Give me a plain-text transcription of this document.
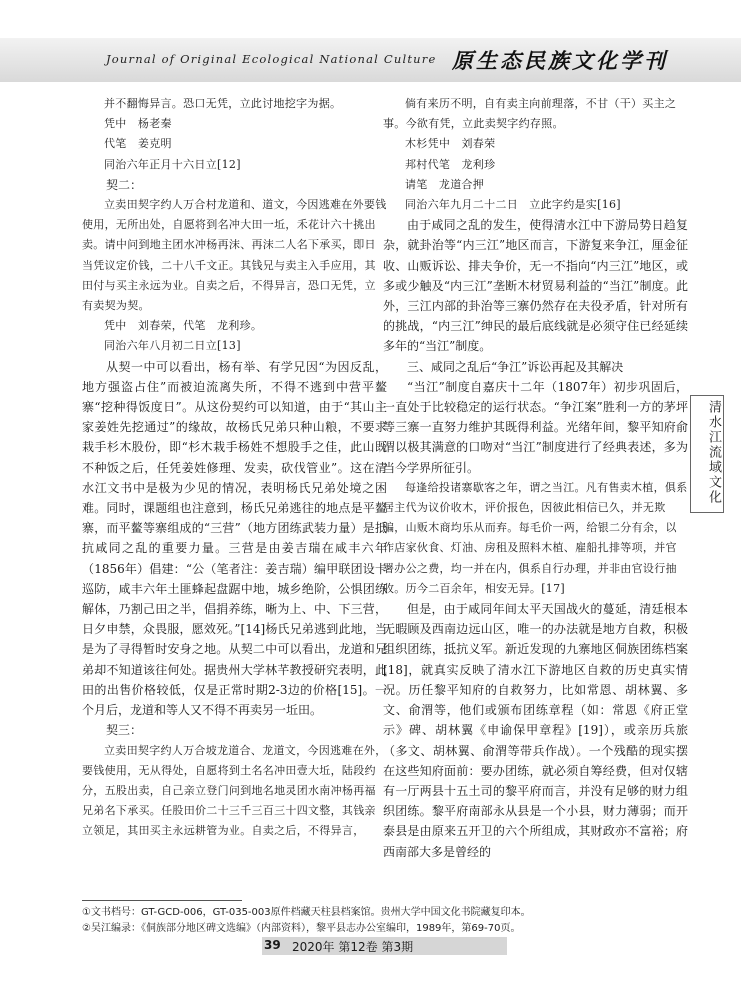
Journal of Original Ecological National Culture 原生态民族文化学刊

并不翻悔异言。恐口无凭，立此讨地挖字为据。

凭中　杨老秦

代笔　姜克明

同治六年正月十六日立[12]

契二：

立卖田契字约人万合村龙道和、道文，今因逃难在外要钱使用，无所出处，自愿将到名冲大田一坵，禾花计六十挑出卖。请中问到地主团水冲杨再沫、再沫二人名下承买，即日当凭议定价钱，二十八千文正。其钱兄与卖主入手应用，其田付与买主永远为业。自卖之后，不得异言，恐口无凭，立有卖契为契。

凭中　刘春荣，代笔　龙利珍。

同治六年八月初二日立[13]

从契一中可以看出，杨有举、有学兄因“为因反乱，地方强盗占住”而被迫流离失所，不得不逃到中营平鳌寨“挖种得饭度日”。从这份契约可以知道，由于“其山主家姜姓先挖通过”的缘故，故杨氏兄弟只种山粮，不要求栽手杉木股份，即“杉木栽手杨姓不想股手之佳，此山既不种饭之后，任凭姜姓修理、发卖，砍伐管业”。这在清水江文书中是极为少见的情况，表明杨氏兄弟处境之困难。同时，课题组也注意到，杨氏兄弟逃往的地点是平鳌寨，而平鳌等寨组成的“三营”（地方团练武装力量）是抵抗咸同之乱的重要力量。三营是由姜吉瑞在咸丰六年（1856年）倡建：“公（笔者注：姜吉瑞）编甲联团设卡巡防，咸丰六年土匪蜂起盘踞中地，城乡绝阶，公惧团练解体，乃割己田之半，倡捐养练，晰为上、中、下三营，日夕申禁，众畏服，愿效死。”[14]杨氏兄弟逃到此地，当是为了寻得暂时安身之地。从契二中可以看出，龙道和兄弟却不知道该往何处。据贵州大学林芊教授研究表明，此田的出售价格较低，仅是正常时期2-3边的价格[15]。一个月后，龙道和等人又不得不再卖另一坵田。

契三：

立卖田契字约人万合坡龙道合、龙道文，今因逃难在外，要钱使用，无从得处，自愿将到土名名冲田壹大坵，陆段约分，五股出卖，自己亲立登门问到地名地灵团水南冲杨再福兄弟名下承买。任股田价二十三千三百三十四文整，其钱亲立领足，其田买主永远耕管为业。自卖之后，不得异言，

倘有来历不明，自有卖主向前理落，不甘（干）买主之事。今欲有凭，立此卖契字约存照。

木杉凭中　刘春荣

邦村代笔　龙利珍

请笔　龙道合押

同治六年九月二十二日　立此字约是实[16]

由于咸同之乱的发生，使得清水江中下游局势日趋复杂，就卦治等“内三江”地区而言，下游复来争江，厘金征收、山贩诉讼、排夫争价，无一不指向“内三江”地区，或多或少触及“内三江”垄断木材贸易利益的“当江”制度。此外，三江内部的卦治等三寨仍然存在夫役矛盾，针对所有的挑战，“内三江”绅民的最后底线就是必须守住已经延续多年的“当江”制度。

三、咸同之乱后“争江”诉讼再起及其解决

“当江”制度自嘉庆十二年（1807年）初步巩固后，一直处于比较稳定的运行状态。“争江案”胜利一方的茅坪等三寨一直努力维护其既得利益。光绪年间，黎平知府俞渭以极其满意的口吻对“当江”制度进行了经典表述，多为当今学界所征引。

每逢给投诸寨歇客之年，谓之当江。凡有售卖木植，俱系居主代为议价收木，评价报色，因彼此相信已久，并无欺骗，山贩木商均乐从而弃。每毛价一两，给银二分有余，以作店家伙食、灯油、房租及照料木植、雇船扎排等项，并官署办公之费，均一并在内，俱系自行办理，并非由官设行抽收。历今二百余年，相安无异。[17]

但是，由于咸同年间太平天国战火的蔓延，清廷根本无暇顾及西南边远山区，唯一的办法就是地方自救，积极组织团练，抵抗义军。新近发现的九寨地区侗族团练档案[18]，就真实反映了清水江下游地区自救的历史真实情况。历任黎平知府的自救努力，比如常恩、胡林翼、多文、俞渭等，他们或颁布团练章程（如：常恩《府正堂示》碑、胡林翼《申谕保甲章程》[19]），或亲历兵旅（多文、胡林翼、俞渭等带兵作战）。一个残酷的现实摆在这些知府面前：要办团练，就必须自筹经费，但对仅辖有一厅两县十五土司的黎平府而言，并没有足够的财力组织团练。黎平府南部永从县是一个小县，财力薄弱；而开泰县是由原来五开卫的六个所组成，其财政亦不富裕；府西南部大多是曾经的

清水江流域文化
①文书档号：GT-GCD-006，GT-035-003原件档藏天柱县档案馆。贵州大学中国文化书院藏复印本。
②吴江编录：《侗族部分地区碑文选编》（内部资料），黎平县志办公室编印，1989年，第69-70页。
39 2020年 第12卷 第3期
